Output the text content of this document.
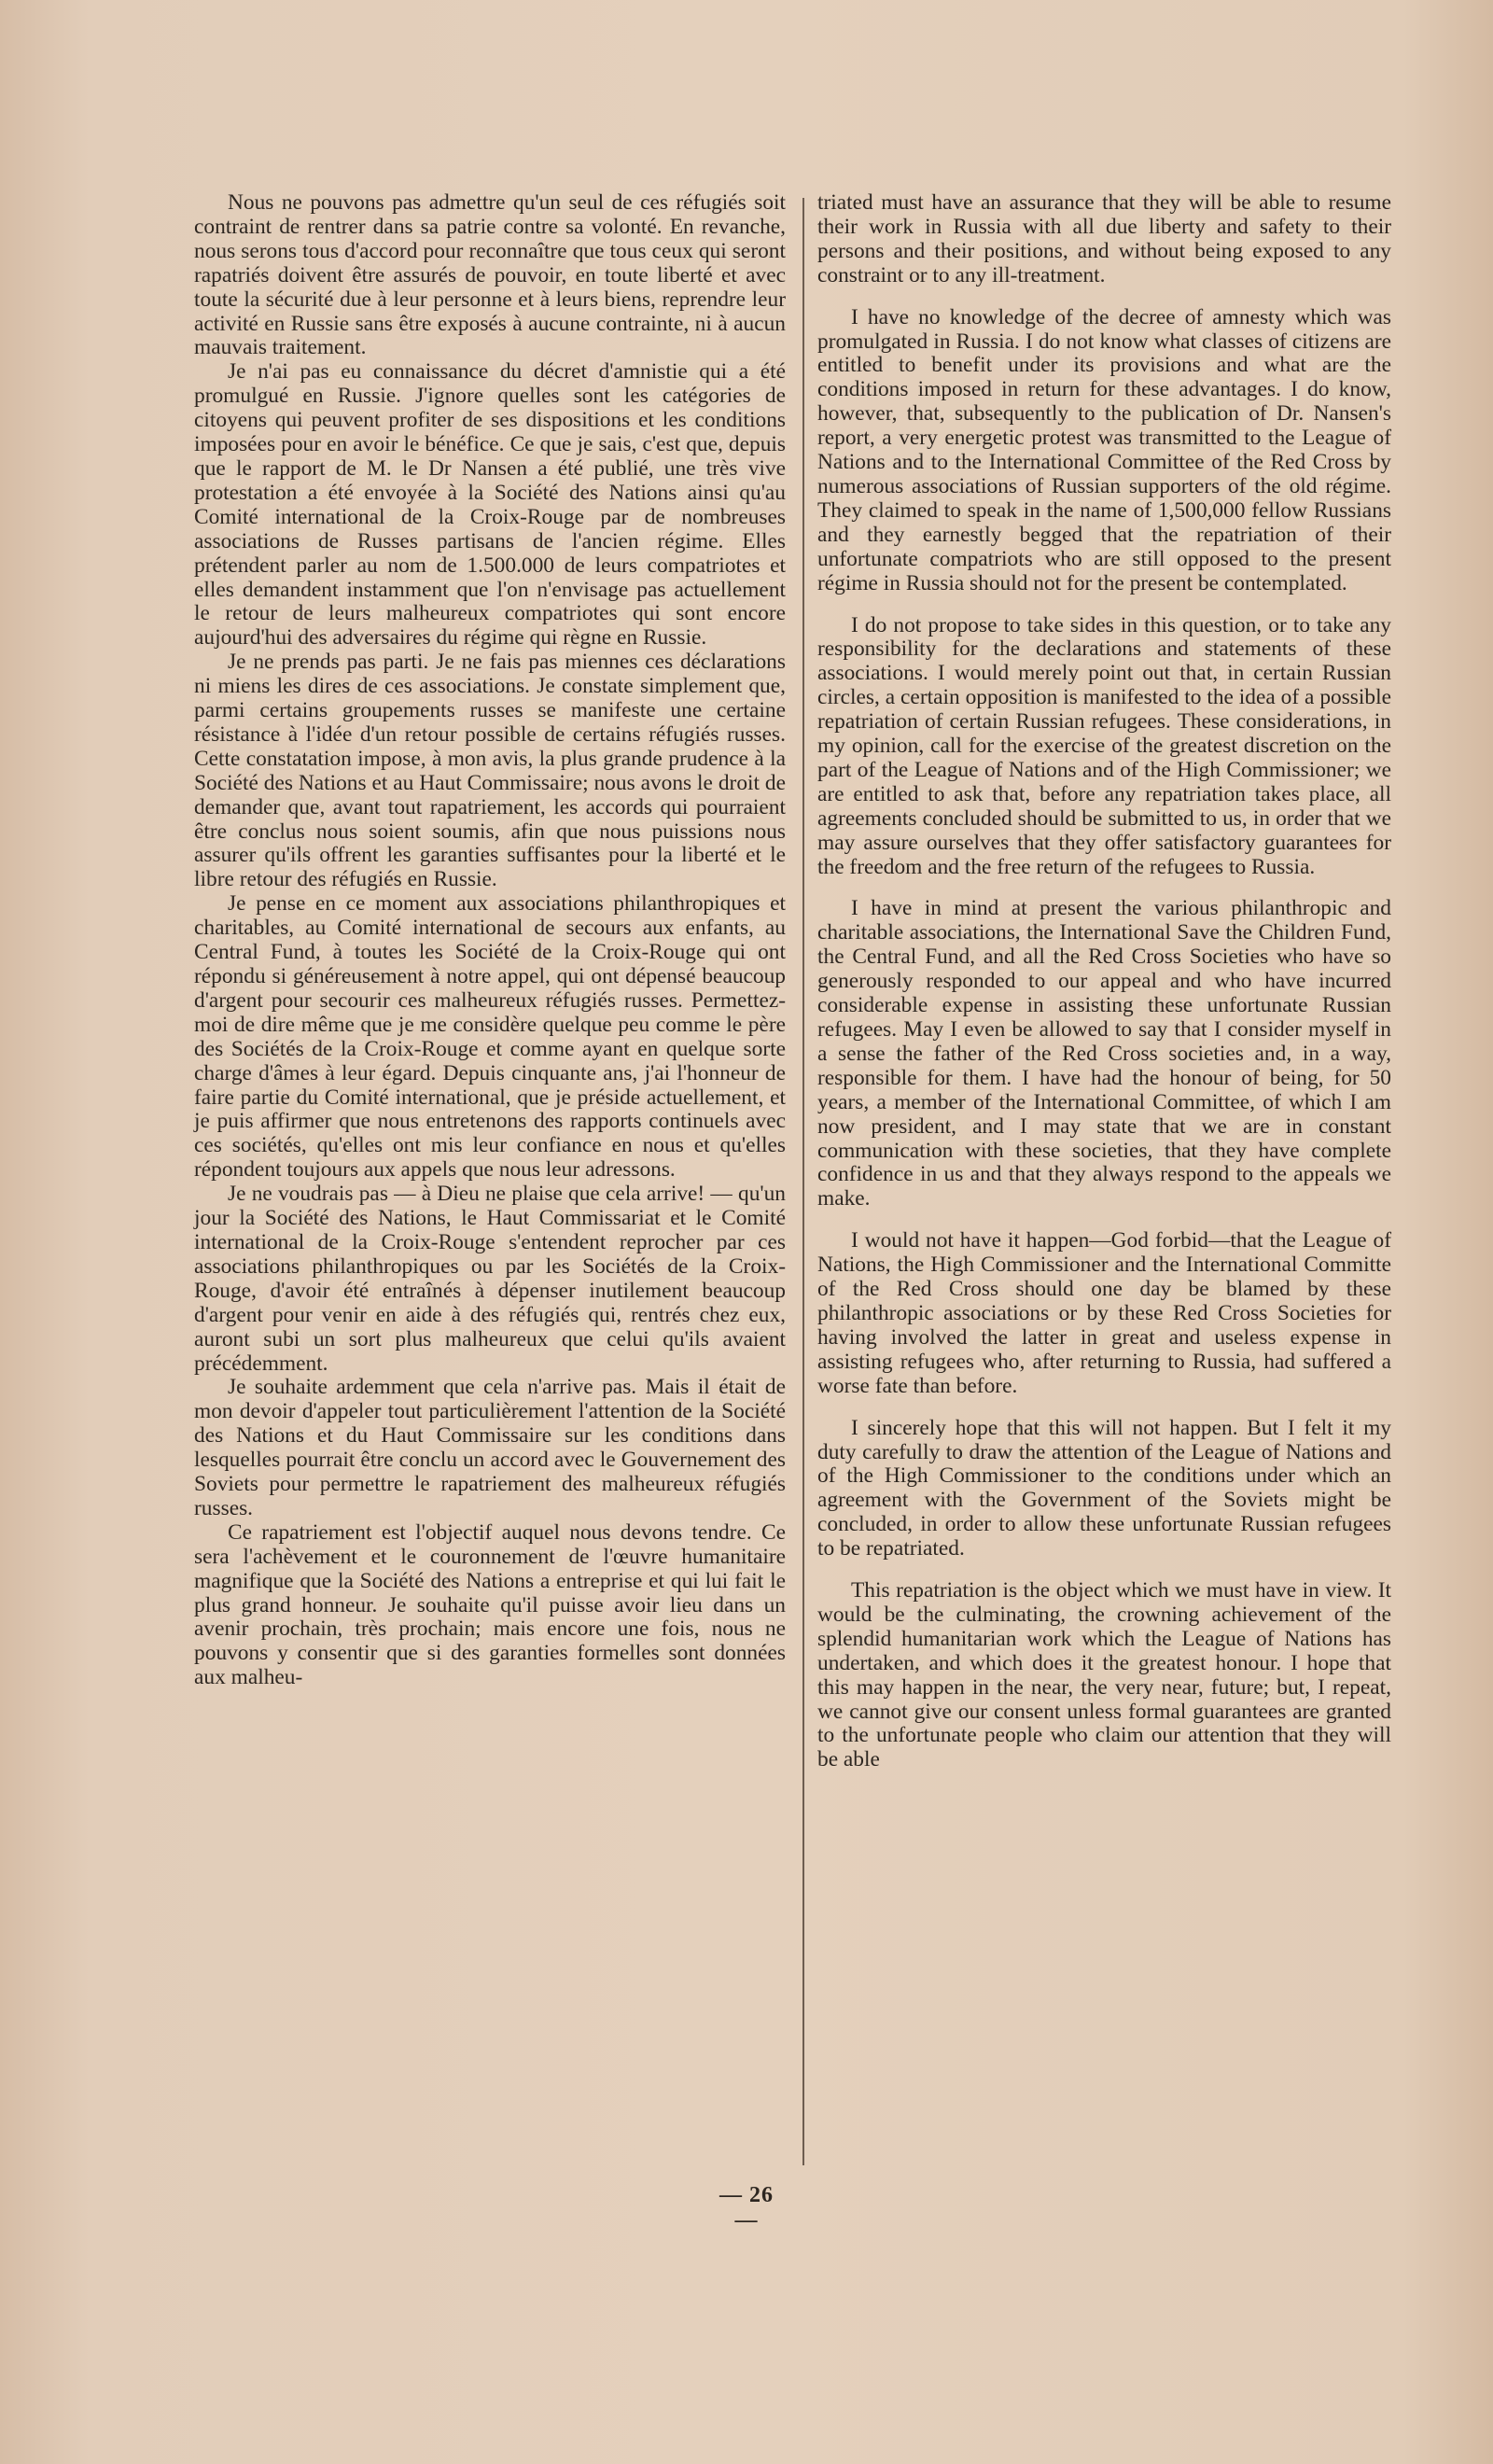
Nous ne pouvons pas admettre qu'un seul de ces réfugiés soit contraint de rentrer dans sa patrie contre sa volonté. En revanche, nous serons tous d'accord pour reconnaître que tous ceux qui seront rapatriés doivent être assurés de pouvoir, en toute liberté et avec toute la sécurité due à leur personne et à leurs biens, reprendre leur activité en Russie sans être exposés à aucune contrainte, ni à aucun mauvais traitement.

Je n'ai pas eu connaissance du décret d'amnistie qui a été promulgué en Russie. J'ignore quelles sont les catégories de citoyens qui peuvent profiter de ses dispositions et les conditions imposées pour en avoir le bénéfice. Ce que je sais, c'est que, depuis que le rapport de M. le Dr Nansen a été publié, une très vive protestation a été envoyée à la Société des Nations ainsi qu'au Comité international de la Croix-Rouge par de nombreuses associations de Russes partisans de l'ancien régime. Elles prétendent parler au nom de 1.500.000 de leurs compatriotes et elles demandent instamment que l'on n'envisage pas actuellement le retour de leurs malheureux compatriotes qui sont encore aujourd'hui des adversaires du régime qui règne en Russie.

Je ne prends pas parti. Je ne fais pas miennes ces déclarations ni miens les dires de ces associations. Je constate simplement que, parmi certains groupements russes se manifeste une certaine résistance à l'idée d'un retour possible de certains réfugiés russes. Cette constatation impose, à mon avis, la plus grande prudence à la Société des Nations et au Haut Commissaire; nous avons le droit de demander que, avant tout rapatriement, les accords qui pourraient être conclus nous soient soumis, afin que nous puissions nous assurer qu'ils offrent les garanties suffisantes pour la liberté et le libre retour des réfugiés en Russie.

Je pense en ce moment aux associations philanthropiques et charitables, au Comité international de secours aux enfants, au Central Fund, à toutes les Société de la Croix-Rouge qui ont répondu si généreusement à notre appel, qui ont dépensé beaucoup d'argent pour secourir ces malheureux réfugiés russes. Permettez-moi de dire même que je me considère quelque peu comme le père des Sociétés de la Croix-Rouge et comme ayant en quelque sorte charge d'âmes à leur égard. Depuis cinquante ans, j'ai l'honneur de faire partie du Comité international, que je préside actuellement, et je puis affirmer que nous entretenons des rapports continuels avec ces sociétés, qu'elles ont mis leur confiance en nous et qu'elles répondent toujours aux appels que nous leur adressons.

Je ne voudrais pas — à Dieu ne plaise que cela arrive! — qu'un jour la Société des Nations, le Haut Commissariat et le Comité international de la Croix-Rouge s'entendent reprocher par ces associations philanthropiques ou par les Sociétés de la Croix-Rouge, d'avoir été entraînés à dépenser inutilement beaucoup d'argent pour venir en aide à des réfugiés qui, rentrés chez eux, auront subi un sort plus malheureux que celui qu'ils avaient précédemment.

Je souhaite ardemment que cela n'arrive pas. Mais il était de mon devoir d'appeler tout particulièrement l'attention de la Société des Nations et du Haut Commissaire sur les conditions dans lesquelles pourrait être conclu un accord avec le Gouvernement des Soviets pour permettre le rapatriement des malheureux réfugiés russes.

Ce rapatriement est l'objectif auquel nous devons tendre. Ce sera l'achèvement et le couronnement de l'œuvre humanitaire magnifique que la Société des Nations a entreprise et qui lui fait le plus grand honneur. Je souhaite qu'il puisse avoir lieu dans un avenir prochain, très prochain; mais encore une fois, nous ne pouvons y consentir que si des garanties formelles sont données aux malheu-

triated must have an assurance that they will be able to resume their work in Russia with all due liberty and safety to their persons and their positions, and without being exposed to any constraint or to any ill-treatment.

I have no knowledge of the decree of amnesty which was promulgated in Russia. I do not know what classes of citizens are entitled to benefit under its provisions and what are the conditions imposed in return for these advantages. I do know, however, that, subsequently to the publication of Dr. Nansen's report, a very energetic protest was transmitted to the League of Nations and to the International Committee of the Red Cross by numerous associations of Russian supporters of the old régime. They claimed to speak in the name of 1,500,000 fellow Russians and they earnestly begged that the repatriation of their unfortunate compatriots who are still opposed to the present régime in Russia should not for the present be contemplated.

I do not propose to take sides in this question, or to take any responsibility for the declarations and statements of these associations. I would merely point out that, in certain Russian circles, a certain opposition is manifested to the idea of a possible repatriation of certain Russian refugees. These considerations, in my opinion, call for the exercise of the greatest discretion on the part of the League of Nations and of the High Commissioner; we are entitled to ask that, before any repatriation takes place, all agreements concluded should be submitted to us, in order that we may assure ourselves that they offer satisfactory guarantees for the freedom and the free return of the refugees to Russia.

I have in mind at present the various philanthropic and charitable associations, the International Save the Children Fund, the Central Fund, and all the Red Cross Societies who have so generously responded to our appeal and who have incurred considerable expense in assisting these unfortunate Russian refugees. May I even be allowed to say that I consider myself in a sense the father of the Red Cross societies and, in a way, responsible for them. I have had the honour of being, for 50 years, a member of the International Committee, of which I am now president, and I may state that we are in constant communication with these societies, that they have complete confidence in us and that they always respond to the appeals we make.

I would not have it happen—God forbid—that the League of Nations, the High Commissioner and the International Committe of the Red Cross should one day be blamed by these philanthropic associations or by these Red Cross Societies for having involved the latter in great and useless expense in assisting refugees who, after returning to Russia, had suffered a worse fate than before.

I sincerely hope that this will not happen. But I felt it my duty carefully to draw the attention of the League of Nations and of the High Commissioner to the conditions under which an agreement with the Government of the Soviets might be concluded, in order to allow these unfortunate Russian refugees to be repatriated.

This repatriation is the object which we must have in view. It would be the culminating, the crowning achievement of the splendid humanitarian work which the League of Nations has undertaken, and which does it the greatest honour. I hope that this may happen in the near, the very near, future; but, I repeat, we cannot give our consent unless formal guarantees are granted to the unfortunate people who claim our attention that they will be able

— 26 —
